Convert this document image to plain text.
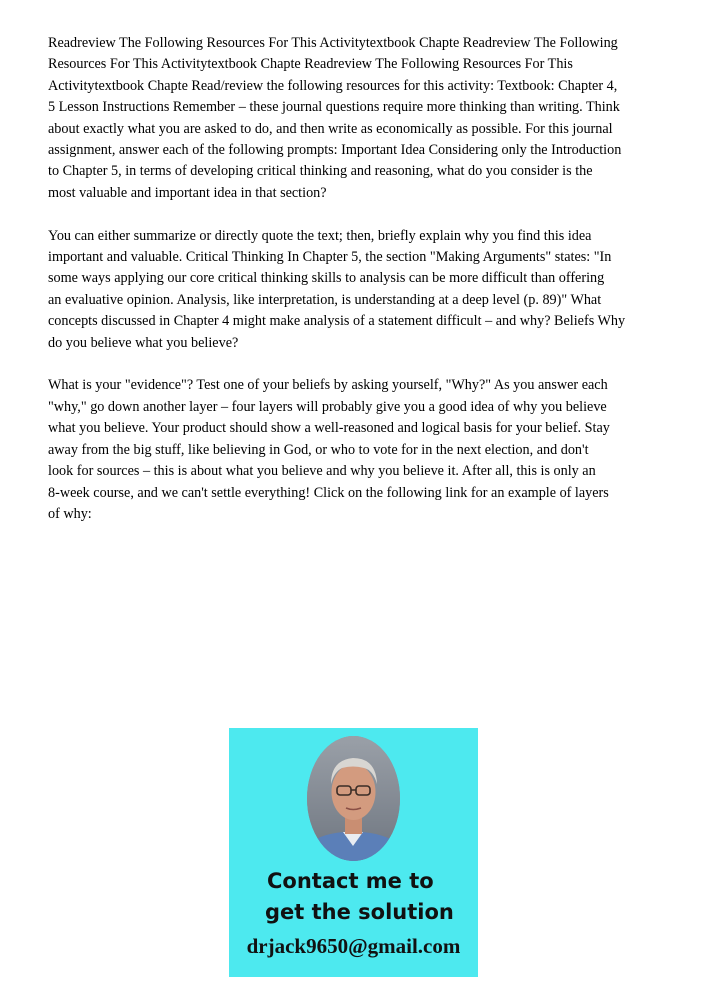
Readreview The Following Resources For This Activitytextbook Chapte Readreview The Following
Resources For This Activitytextbook Chapte Readreview The Following Resources For This
Activitytextbook Chapte Read/review the following resources for this activity: Textbook: Chapter 4,
5 Lesson Instructions Remember – these journal questions require more thinking than writing. Think
about exactly what you are asked to do, and then write as economically as possible. For this journal
assignment, answer each of the following prompts: Important Idea Considering only the Introduction
to Chapter 5, in terms of developing critical thinking and reasoning, what do you consider is the
most valuable and important idea in that section?

You can either summarize or directly quote the text; then, briefly explain why you find this idea
important and valuable. Critical Thinking In Chapter 5, the section "Making Arguments" states: "In
some ways applying our core critical thinking skills to analysis can be more difficult than offering
an evaluative opinion. Analysis, like interpretation, is understanding at a deep level (p. 89)" What
concepts discussed in Chapter 4 might make analysis of a statement difficult – and why? Beliefs Why
do you believe what you believe?

What is your "evidence"? Test one of your beliefs by asking yourself, "Why?" As you answer each
"why," go down another layer – four layers will probably give you a good idea of why you believe
what you believe. Your product should show a well-reasoned and logical basis for your belief. Stay
away from the big stuff, like believing in God, or who to vote for in the next election, and don't
look for sources – this is about what you believe and why you believe it. After all, this is only an
8-week course, and we can't settle everything! Click on the following link for an example of layers
of why:

Contact me to
get the solution
drjack9650@gmail.com
